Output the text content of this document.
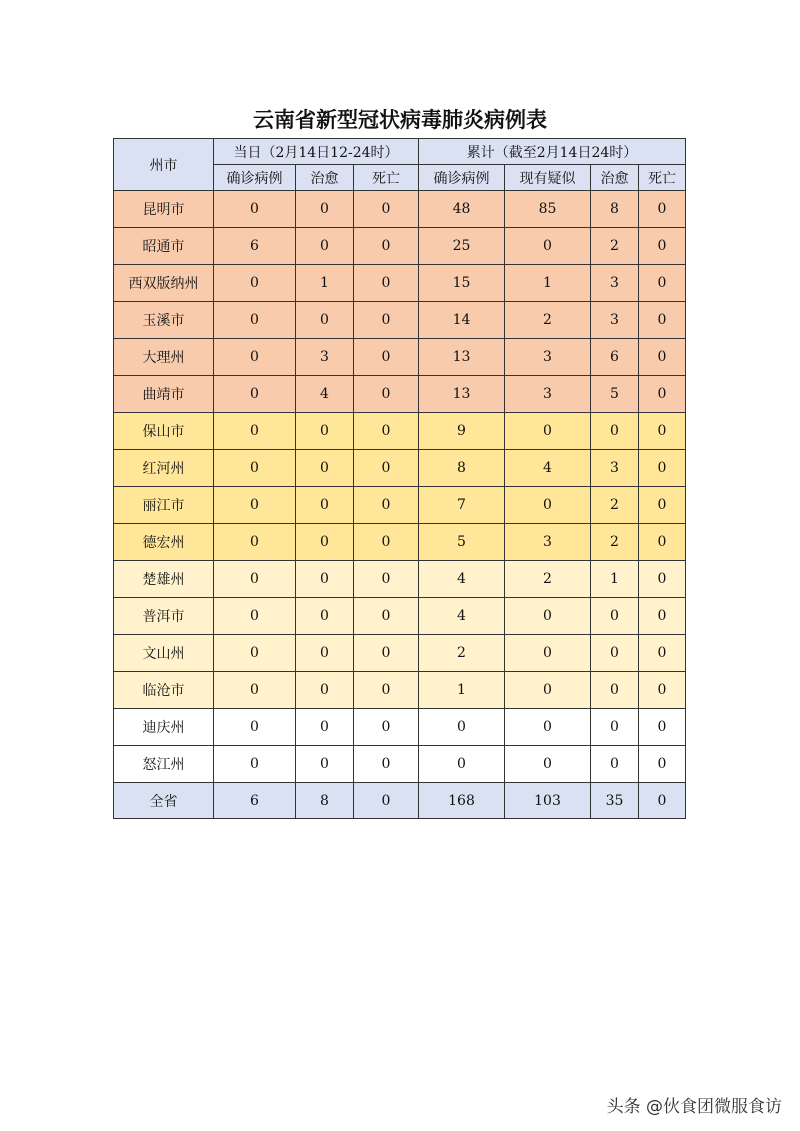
云南省新型冠状病毒肺炎病例表
州市	当日（2月14日12-24时）			累计（截至2月14日24时）			
	确诊病例	治愈	死亡	确诊病例	现有疑似	治愈	死亡
昆明市	0	0	0	48	85	8	0
昭通市	6	0	0	25	0	2	0
西双版纳州	0	1	0	15	1	3	0
玉溪市	0	0	0	14	2	3	0
大理州	0	3	0	13	3	6	0
曲靖市	0	4	0	13	3	5	0
保山市	0	0	0	9	0	0	0
红河州	0	0	0	8	4	3	0
丽江市	0	0	0	7	0	2	0
德宏州	0	0	0	5	3	2	0
楚雄州	0	0	0	4	2	1	0
普洱市	0	0	0	4	0	0	0
文山州	0	0	0	2	0	0	0
临沧市	0	0	0	1	0	0	0
迪庆州	0	0	0	0	0	0	0
怒江州	0	0	0	0	0	0	0
全省	6	8	0	168	103	35	0
头条 @伙食团微服食访
